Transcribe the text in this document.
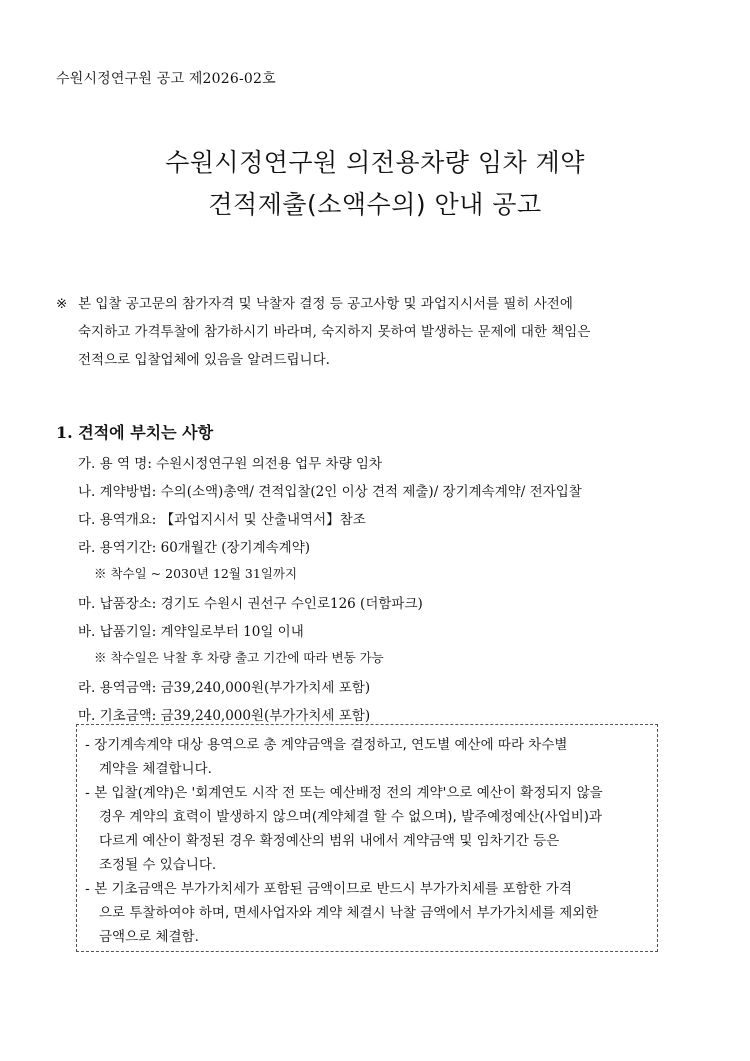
수원시정연구원 공고 제2026-02호
수원시정연구원 의전용차량 임차 계약
견적제출(소액수의) 안내 공고
※ 본 입찰 공고문의 참가자격 및 낙찰자 결정 등 공고사항 및 과업지시서를 필히 사전에
숙지하고 가격투찰에 참가하시기 바라며, 숙지하지 못하여 발생하는 문제에 대한 책임은
전적으로 입찰업체에 있음을 알려드립니다.
1. 견적에 부치는 사항
가. 용 역 명: 수원시정연구원 의전용 업무 차량 임차
나. 계약방법: 수의(소액)총액/ 견적입찰(2인 이상 견적 제출)/ 장기계속계약/ 전자입찰
다. 용역개요: 【과업지시서 및 산출내역서】참조
라. 용역기간: 60개월간 (장기계속계약)
※ 착수일 ~ 2030년 12월 31일까지
마. 납품장소: 경기도 수원시 권선구 수인로126 (더함파크)
바. 납품기일: 계약일로부터 10일 이내
※ 착수일은 낙찰 후 차량 출고 기간에 따라 변동 가능
라. 용역금액: 금39,240,000원(부가가치세 포함)
마. 기초금액: 금39,240,000원(부가가치세 포함)
- 장기계속계약 대상 용역으로 총 계약금액을 결정하고, 연도별 예산에 따라 차수별
계약을 체결합니다.
- 본 입찰(계약)은 '회계연도 시작 전 또는 예산배정 전의 계약'으로 예산이 확정되지 않을
경우 계약의 효력이 발생하지 않으며(계약체결 할 수 없으며), 발주예정예산(사업비)과
다르게 예산이 확정된 경우 확정예산의 범위 내에서 계약금액 및 임차기간 등은
조정될 수 있습니다.
- 본 기초금액은 부가가치세가 포함된 금액이므로 반드시 부가가치세를 포함한 가격
으로 투찰하여야 하며, 면세사업자와 계약 체결시 낙찰 금액에서 부가가치세를 제외한
금액으로 체결함.
